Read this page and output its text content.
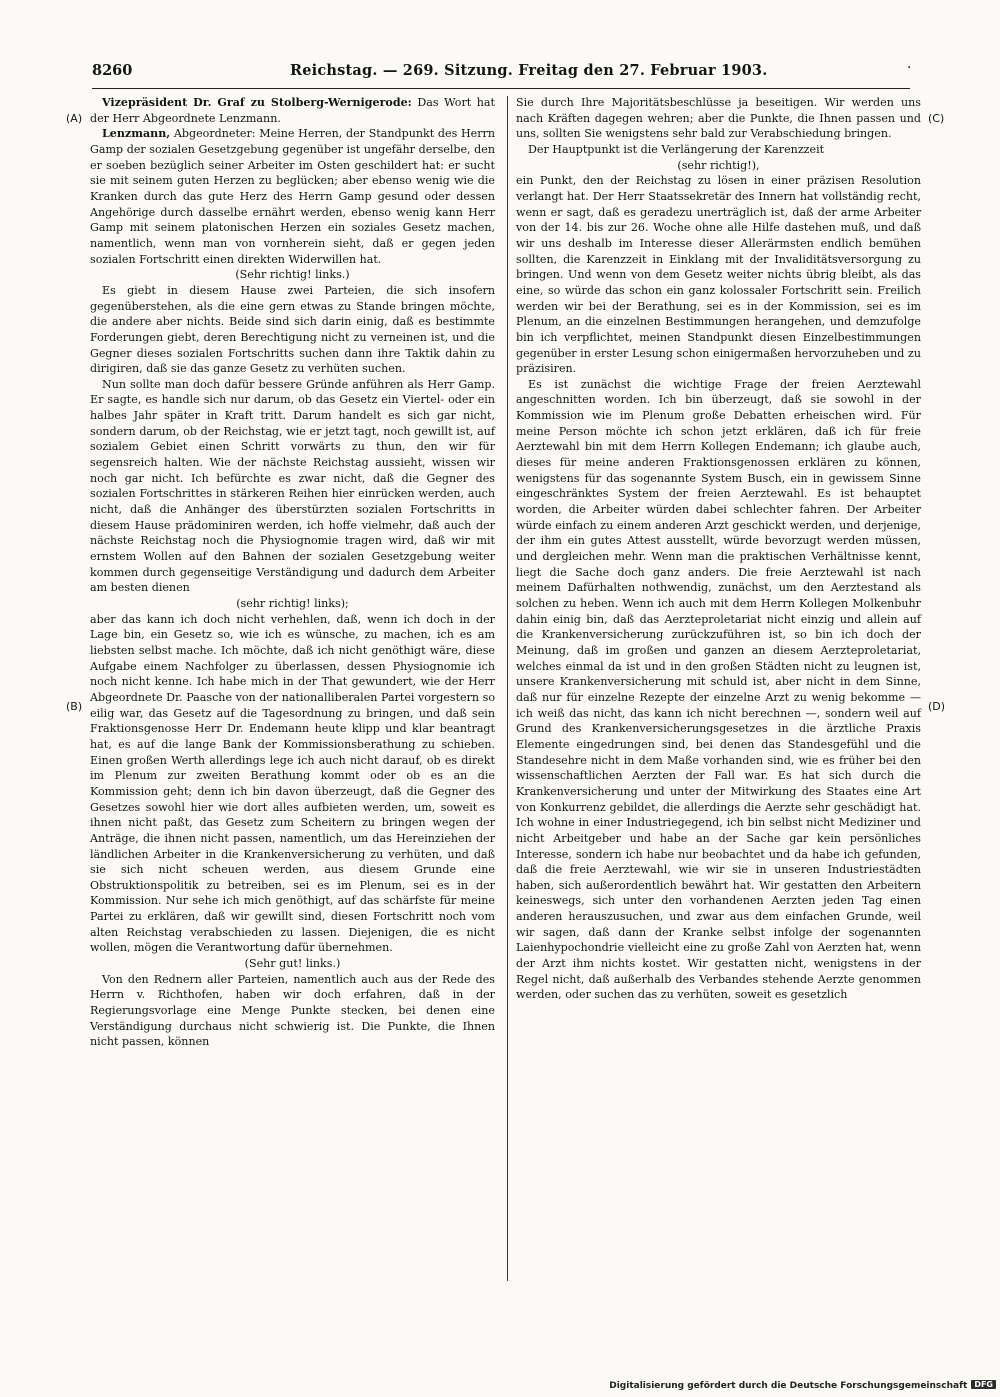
8260	Reichstag. — 269. Sitzung. Freitag den 27. Februar 1903.	·
(A)
(B)
(C)
(D)

Vizepräsident Dr. Graf zu Stolberg-Wernigerode: Das Wort hat der Herr Abgeordnete Lenzmann.

Lenzmann, Abgeordneter: Meine Herren, der Standpunkt des Herrn Gamp der sozialen Gesetzgebung gegenüber ist ungefähr derselbe, den er soeben bezüglich seiner Arbeiter im Osten geschildert hat: er sucht sie mit seinem guten Herzen zu beglücken; aber ebenso wenig wie die Kranken durch das gute Herz des Herrn Gamp gesund oder dessen Angehörige durch dasselbe ernährt werden, ebenso wenig kann Herr Gamp mit seinem platonischen Herzen ein soziales Gesetz machen, namentlich, wenn man von vornherein sieht, daß er gegen jeden sozialen Fortschritt einen direkten Widerwillen hat.

(Sehr richtig! links.)

Es giebt in diesem Hause zwei Parteien, die sich insofern gegenüberstehen, als die eine gern etwas zu Stande bringen möchte, die andere aber nichts. Beide sind sich darin einig, daß es bestimmte Forderungen giebt, deren Berechtigung nicht zu verneinen ist, und die Gegner dieses sozialen Fortschritts suchen dann ihre Taktik dahin zu dirigiren, daß sie das ganze Gesetz zu verhüten suchen.

Nun sollte man doch dafür bessere Gründe anführen als Herr Gamp. Er sagte, es handle sich nur darum, ob das Gesetz ein Viertel- oder ein halbes Jahr später in Kraft tritt. Darum handelt es sich gar nicht, sondern darum, ob der Reichstag, wie er jetzt tagt, noch gewillt ist, auf sozialem Gebiet einen Schritt vorwärts zu thun, den wir für segensreich halten. Wie der nächste Reichstag aussieht, wissen wir noch gar nicht. Ich befürchte es zwar nicht, daß die Gegner des sozialen Fortschrittes in stärkeren Reihen hier einrücken werden, auch nicht, daß die Anhänger des überstürzten sozialen Fortschritts in diesem Hause prädominiren werden, ich hoffe vielmehr, daß auch der nächste Reichstag noch die Physiognomie tragen wird, daß wir mit ernstem Wollen auf den Bahnen der sozialen Gesetzgebung weiter kommen durch gegenseitige Verständigung und dadurch dem Arbeiter am besten dienen

(sehr richtig! links);

aber das kann ich doch nicht verhehlen, daß, wenn ich doch in der Lage bin, ein Gesetz so, wie ich es wünsche, zu machen, ich es am liebsten selbst mache. Ich möchte, daß ich nicht genöthigt wäre, diese Aufgabe einem Nachfolger zu überlassen, dessen Physiognomie ich noch nicht kenne. Ich habe mich in der That gewundert, wie der Herr Abgeordnete Dr. Paasche von der nationalliberalen Partei vorgestern so eilig war, das Gesetz auf die Tagesordnung zu bringen, und daß sein Fraktionsgenosse Herr Dr. Endemann heute klipp und klar beantragt hat, es auf die lange Bank der Kommissionsberathung zu schieben. Einen großen Werth allerdings lege ich auch nicht darauf, ob es direkt im Plenum zur zweiten Berathung kommt oder ob es an die Kommission geht; denn ich bin davon überzeugt, daß die Gegner des Gesetzes sowohl hier wie dort alles aufbieten werden, um, soweit es ihnen nicht paßt, das Gesetz zum Scheitern zu bringen wegen der Anträge, die ihnen nicht passen, namentlich, um das Hereinziehen der ländlichen Arbeiter in die Krankenversicherung zu verhüten, und daß sie sich nicht scheuen werden, aus diesem Grunde eine Obstruktionspolitik zu betreiben, sei es im Plenum, sei es in der Kommission. Nur sehe ich mich genöthigt, auf das schärfste für meine Partei zu erklären, daß wir gewillt sind, diesen Fortschritt noch vom alten Reichstag verabschieden zu lassen. Diejenigen, die es nicht wollen, mögen die Verantwortung dafür übernehmen.

(Sehr gut! links.)

Von den Rednern aller Parteien, namentlich auch aus der Rede des Herrn v. Richthofen, haben wir doch erfahren, daß in der Regierungsvorlage eine Menge Punkte stecken, bei denen eine Verständigung durchaus nicht schwierig ist. Die Punkte, die Ihnen nicht passen, können

Sie durch Ihre Majoritätsbeschlüsse ja beseitigen. Wir werden uns nach Kräften dagegen wehren; aber die Punkte, die Ihnen passen und uns, sollten Sie wenigstens sehr bald zur Verabschiedung bringen.

Der Hauptpunkt ist die Verlängerung der Karenzzeit

(sehr richtig!),

ein Punkt, den der Reichstag zu lösen in einer präzisen Resolution verlangt hat. Der Herr Staatssekretär des Innern hat vollständig recht, wenn er sagt, daß es geradezu unerträglich ist, daß der arme Arbeiter von der 14. bis zur 26. Woche ohne alle Hilfe dastehen muß, und daß wir uns deshalb im Interesse dieser Allerärmsten endlich bemühen sollten, die Karenzzeit in Einklang mit der Invaliditätsversorgung zu bringen. Und wenn von dem Gesetz weiter nichts übrig bleibt, als das eine, so würde das schon ein ganz kolossaler Fortschritt sein. Freilich werden wir bei der Berathung, sei es in der Kommission, sei es im Plenum, an die einzelnen Bestimmungen herangehen, und demzufolge bin ich verpflichtet, meinen Standpunkt diesen Einzelbestimmungen gegenüber in erster Lesung schon einigermaßen hervorzuheben und zu präzisiren.

Es ist zunächst die wichtige Frage der freien Aerztewahl angeschnitten worden. Ich bin überzeugt, daß sie sowohl in der Kommission wie im Plenum große Debatten erheischen wird. Für meine Person möchte ich schon jetzt erklären, daß ich für freie Aerztewahl bin mit dem Herrn Kollegen Endemann; ich glaube auch, dieses für meine anderen Fraktionsgenossen erklären zu können, wenigstens für das sogenannte System Busch, ein in gewissem Sinne eingeschränktes System der freien Aerztewahl. Es ist behauptet worden, die Arbeiter würden dabei schlechter fahren. Der Arbeiter würde einfach zu einem anderen Arzt geschickt werden, und derjenige, der ihm ein gutes Attest ausstellt, würde bevorzugt werden müssen, und dergleichen mehr. Wenn man die praktischen Verhältnisse kennt, liegt die Sache doch ganz anders. Die freie Aerztewahl ist nach meinem Dafürhalten nothwendig, zunächst, um den Aerztestand als solchen zu heben. Wenn ich auch mit dem Herrn Kollegen Molkenbuhr dahin einig bin, daß das Aerzteproletariat nicht einzig und allein auf die Krankenversicherung zurückzuführen ist, so bin ich doch der Meinung, daß im großen und ganzen an diesem Aerzteproletariat, welches einmal da ist und in den großen Städten nicht zu leugnen ist, unsere Krankenversicherung mit schuld ist, aber nicht in dem Sinne, daß nur für einzelne Rezepte der einzelne Arzt zu wenig bekomme — ich weiß das nicht, das kann ich nicht berechnen —, sondern weil auf Grund des Krankenversicherungsgesetzes in die ärztliche Praxis Elemente eingedrungen sind, bei denen das Standesgefühl und die Standesehre nicht in dem Maße vorhanden sind, wie es früher bei den wissenschaftlichen Aerzten der Fall war. Es hat sich durch die Krankenversicherung und unter der Mitwirkung des Staates eine Art von Konkurrenz gebildet, die allerdings die Aerzte sehr geschädigt hat. Ich wohne in einer Industriegegend, ich bin selbst nicht Mediziner und nicht Arbeitgeber und habe an der Sache gar kein persönliches Interesse, sondern ich habe nur beobachtet und da habe ich gefunden, daß die freie Aerztewahl, wie wir sie in unseren Industriestädten haben, sich außerordentlich bewährt hat. Wir gestatten den Arbeitern keineswegs, sich unter den vorhandenen Aerzten jeden Tag einen anderen herauszusuchen, und zwar aus dem einfachen Grunde, weil wir sagen, daß dann der Kranke selbst infolge der sogenannten Laienhypochondrie vielleicht eine zu große Zahl von Aerzten hat, wenn der Arzt ihm nichts kostet. Wir gestatten nicht, wenigstens in der Regel nicht, daß außerhalb des Verbandes stehende Aerzte genommen werden, oder suchen das zu verhüten, soweit es gesetzlich

Digitalisierung gefördert durch die Deutsche Forschungsgemeinschaft DFG
